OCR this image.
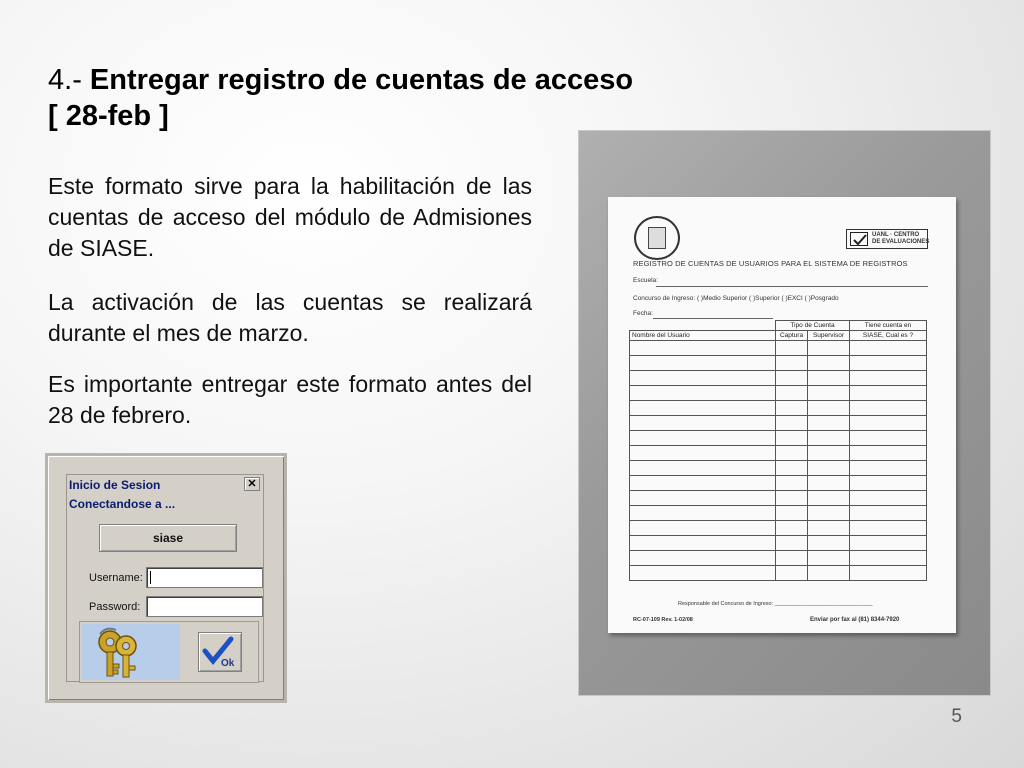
4.- Entregar registro de cuentas de acceso
[ 28-feb ]
Este formato sirve para la habilitación de las cuentas de acceso del módulo de Admisiones de SIASE.
La activación de las cuentas se realizará durante el mes de marzo.
Es importante entregar este formato antes del 28 de febrero.
Inicio de Sesion	✕
Conectandose a ...
siase
Username:
Password:
Ok
UANL · CENTRO
DE EVALUACIONES
REGISTRO DE CUENTAS DE USUARIOS PARA EL SISTEMA DE REGISTROS
Escuela:
Concurso de Ingreso: ( )Medio Superior ( )Superior ( )EXCI ( )Posgrado
Fecha:
	Tipo de Cuenta		Tiene cuenta en
Nombre del Usuario	Captura	Supervisor	SIASE, Cual es ?

Responsable del Concurso de Ingreso: ________________________________
RC-07-109 Rev. 1-02/08	Enviar por fax al (81) 8344-7920
5
